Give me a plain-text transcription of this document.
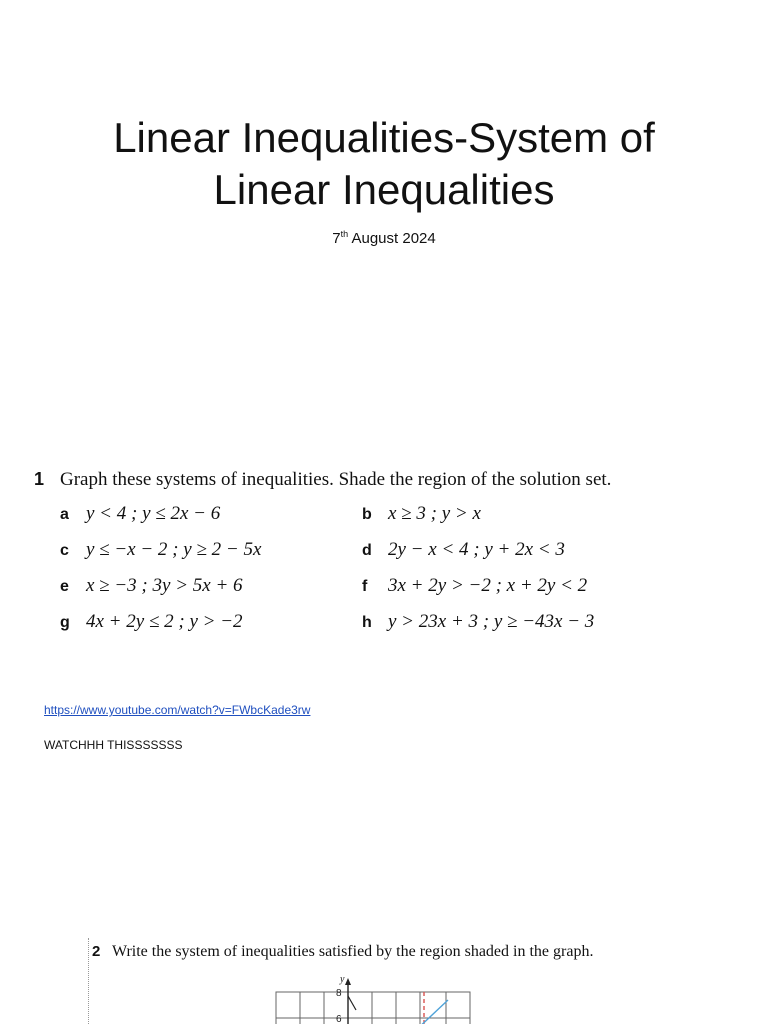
Linear Inequalities-System of
Linear Inequalities
7th August 2024
1 Graph these systems of inequalities. Shade the region of the solution set.
a y < 4 ; y ≤ 2x − 6	b x ≥ 3 ; y > x
c y ≤ −x − 2 ; y ≥ 2 − 5x	d 2y − x < 4 ; y + 2x < 3
e x ≥ −3 ; 3y > 5x + 6	f	3x + 2y > −2 ; x + 2y < 2
g 4x + 2y ≤ 2 ; y > −2	h y > 23x + 3 ; y ≥ −43x − 3
https://www.youtube.com/watch?v=FWbcKade3rw
WATCHHH THISSSSSSS
2 Write the system of inequalities satisfied by the region shaded in the graph.
y
8
6
